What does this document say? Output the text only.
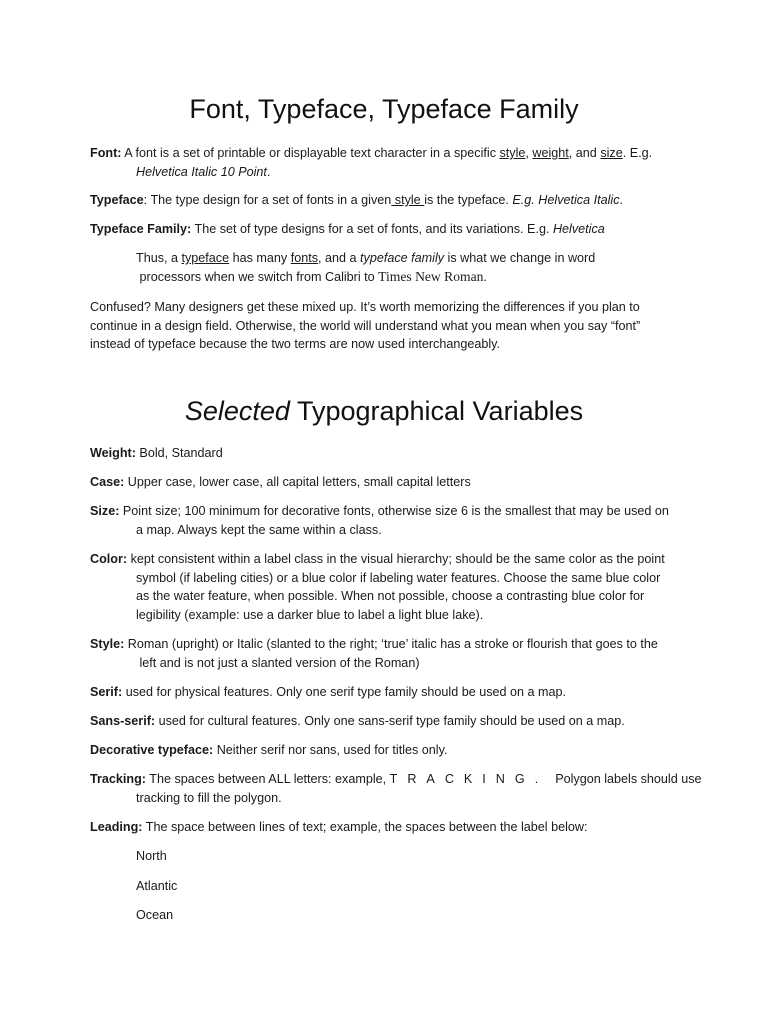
Font, Typeface, Typeface Family
Font: A font is a set of printable or displayable text character in a specific style, weight, and size. E.g.
Helvetica Italic 10 Point.
Typeface: The type design for a set of fonts in a given style is the typeface. E.g. Helvetica Italic.
Typeface Family: The set of type designs for a set of fonts, and its variations. E.g. Helvetica
Thus, a typeface has many fonts, and a typeface family is what we change in word
processors when we switch from Calibri to Times New Roman.
Confused? Many designers get these mixed up. It’s worth memorizing the differences if you plan to
continue in a design field. Otherwise, the world will understand what you mean when you say “font”
instead of typeface because the two terms are now used interchangeably.
Selected Typographical Variables
Weight: Bold, Standard
Case: Upper case, lower case, all capital letters, small capital letters
Size: Point size; 100 minimum for decorative fonts, otherwise size 6 is the smallest that may be used on
a map. Always kept the same within a class.
Color: kept consistent within a label class in the visual hierarchy; should be the same color as the point
symbol (if labeling cities) or a blue color if labeling water features. Choose the same blue color
as the water feature, when possible. When not possible, choose a contrasting blue color for
legibility (example: use a darker blue to label a light blue lake).
Style: Roman (upright) or Italic (slanted to the right; ‘true’ italic has a stroke or flourish that goes to the
left and is not just a slanted version of the Roman)
Serif: used for physical features. Only one serif type family should be used on a map.
Sans-serif: used for cultural features. Only one sans-serif type family should be used on a map.
Decorative typeface: Neither serif nor sans, used for titles only.
Tracking: The spaces between ALL letters: example, TRACKING.  Polygon labels should use
tracking to fill the polygon.
Leading: The space between lines of text; example, the spaces between the label below:
North
Atlantic
Ocean
